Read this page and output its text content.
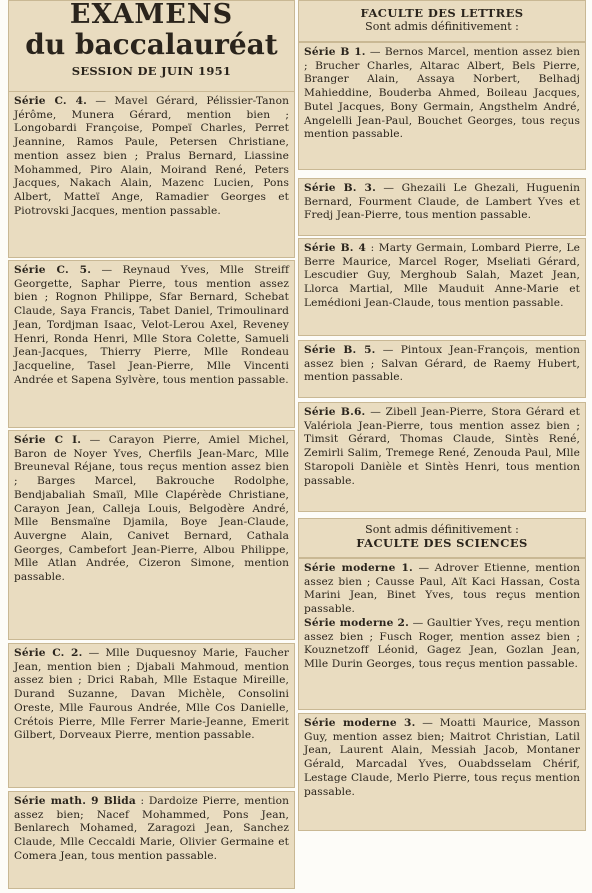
EXAMENS

du baccalauréat

SESSION DE JUIN 1951

Série C. 4. — Mavel Gérard, Pélissier-Tanon Jérôme, Munera Gérard, mention bien ; Longobardi Françoise, Pompeï Charles, Perret Jeannine, Ramos Paule, Petersen Christiane, mention assez bien ; Pralus Bernard, Liassine Mohammed, Piro Alain, Moirand René, Peters Jacques, Nakach Alain, Mazenc Lucien, Pons Albert, Matteï Ange, Ramadier Georges et Piotrovski Jacques, mention passable.

Série C. 5. — Reynaud Yves, Mlle Streiff Georgette, Saphar Pierre, tous mention assez bien ; Rognon Philippe, Sfar Bernard, Schebat Claude, Saya Francis, Tabet Daniel, Trimoulinard Jean, Tordjman Isaac, Velot-Lerou Axel, Reveney Henri, Ronda Henri, Mlle Stora Colette, Samueli Jean-Jacques, Thierry Pierre, Mlle Rondeau Jacqueline, Tasel Jean-Pierre, Mlle Vincenti Andrée et Sapena Sylvère, tous mention passable.

Série C I. — Carayon Pierre, Amiel Michel, Baron de Noyer Yves, Cherfils Jean-Marc, Mlle Breuneval Réjane, tous reçus mention assez bien ; Barges Marcel, Bakrouche Rodolphe, Bendjabaliah Smaïl, Mlle Clapérède Christiane, Carayon Jean, Calleja Louis, Belgodère André, Mlle Bensmaïne Djamila, Boye Jean-Claude, Auvergne Alain, Canivet Bernard, Cathala Georges, Cambefort Jean-Pierre, Albou Philippe, Mlle Atlan Andrée, Cizeron Simone, mention passable.

Série C. 2. — Mlle Duquesnoy Marie, Faucher Jean, mention bien ; Djabali Mahmoud, mention assez bien ; Drici Rabah, Mlle Estaque Mireille, Durand Suzanne, Davan Michèle, Consolini Oreste, Mlle Faurous Andrée, Mlle Cos Danielle, Crétois Pierre, Mlle Ferrer Marie-Jeanne, Emerit Gilbert, Dorveaux Pierre, mention passable.

Série math. 9 Blida : Dardoize Pierre, mention assez bien; Nacef Mohammed, Pons Jean, Benlarech Mohamed, Zaragozi Jean, Sanchez Claude, Mlle Ceccaldi Marie, Olivier Germaine et Comera Jean, tous mention passable.

FACULTE DES LETTRES

Sont admis définitivement :

Série B 1. — Bernos Marcel, mention assez bien ; Brucher Charles, Altarac Albert, Bels Pierre, Branger Alain, Assaya Norbert, Belhadj Mahieddine, Bouderba Ahmed, Boileau Jacques, Butel Jacques, Bony Germain, Angsthelm André, Angelelli Jean-Paul, Bouchet Georges, tous reçus mention passable.

Série B. 3. — Ghezaili Le Ghezali, Huguenin Bernard, Fourment Claude, de Lambert Yves et Fredj Jean-Pierre, tous mention passable.

Série B. 4 : Marty Germain, Lombard Pierre, Le Berre Maurice, Marcel Roger, Mseliati Gérard, Lescudier Guy, Merghoub Salah, Mazet Jean, Llorca Martial, Mlle Mauduit Anne-Marie et Lemédioni Jean-Claude, tous mention passable.

Série B. 5. — Pintoux Jean-François, mention assez bien ; Salvan Gérard, de Raemy Hubert, mention passable.

Série B.6. — Zibell Jean-Pierre, Stora Gérard et Valériola Jean-Pierre, tous mention assez bien ; Timsit Gérard, Thomas Claude, Sintès René, Zemirli Salim, Tremege René, Zenouda Paul, Mlle Staropoli Danièle et Sintès Henri, tous mention passable.

Sont admis définitivement :

FACULTE DES SCIENCES

Série moderne 1. — Adrover Etienne, mention assez bien ; Causse Paul, Aït Kaci Hassan, Costa Marini Jean, Binet Yves, tous reçus mention passable.

Série moderne 2. — Gaultier Yves, reçu mention assez bien ; Fusch Roger, mention assez bien ; Kouznetzoff Léonid, Gagez Jean, Gozlan Jean, Mlle Durin Georges, tous reçus mention passable.

Série moderne 3. — Moatti Maurice, Masson Guy, mention assez bien; Maitrot Christian, Latil Jean, Laurent Alain, Messiah Jacob, Montaner Gérald, Marcadal Yves, Ouabdsselam Chérif, Lestage Claude, Merlo Pierre, tous reçus mention passable.
